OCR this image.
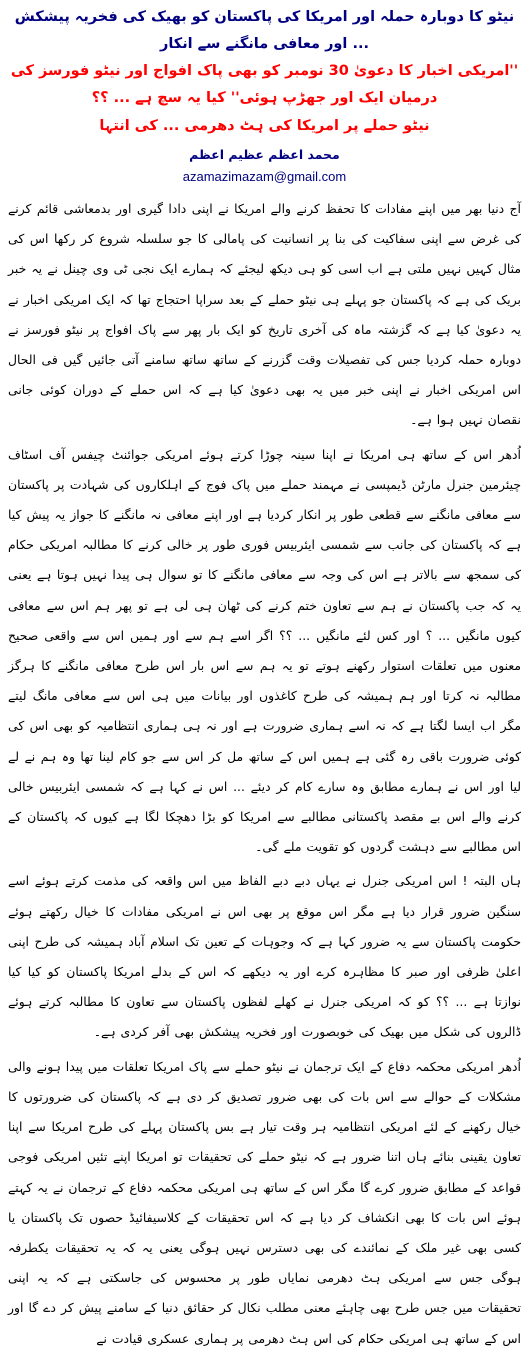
نیٹو کا دوبارہ حملہ اور امریکا کی پاکستان کو بھیک کی فخریہ پیشکش ... اور معافی مانگنے سے انکار

''امریکی اخبار کا دعویٰ 30 نومبر کو بھی پاک افواج اور نیٹو فورسز کی درمیان ایک اور جھڑپ ہوئی'' کیا یہ سچ ہے ... ؟؟

نیٹو حملے پر امریکا کی ہٹ دھرمی ... کی انتہا

محمد اعظم عظیم اعظم

azamazimazam@gmail.com

آج دنیا بھر میں اپنے مفادات کا تحفظ کرنے والے امریکا نے اپنی دادا گیری اور بدمعاشی قائم کرنے کی غرض سے اپنی سفاکیت کی بنا پر انسانیت کی پامالی کا جو سلسلہ شروع کر رکھا اس کی مثال کہیں نہیں ملتی ہے اب اسی کو ہی دیکھ لیجئے کہ ہمارے ایک نجی ٹی وی چینل نے یہ خبر بریک کی ہے کہ پاکستان جو پہلے ہی نیٹو حملے کے بعد سراپا احتجاج تھا کہ ایک امریکی اخبار نے یہ دعویٰ کیا ہے کہ گزشتہ ماہ کی آخری تاریخ کو ایک بار پھر سے پاک افواج پر نیٹو فورسز نے دوبارہ حملہ کردیا جس کی تفصیلات وقت گزرنے کے ساتھ ساتھ سامنے آتی جائیں گیں فی الحال اس امریکی اخبار نے اپنی خبر میں یہ بھی دعویٰ کیا ہے کہ اس حملے کے دوران کوئی جانی نقصان نہیں ہوا ہے۔

اُدھر اس کے ساتھ ہی امریکا نے اپنا سینہ چوڑا کرتے ہوئے امریکی جوائنٹ چیفس آف اسٹاف چیئرمین جنرل مارٹن ڈیمپسی نے مہمند حملے میں پاک فوج کے اہلکاروں کی شہادت پر پاکستان سے معافی مانگنے سے قطعی طور پر انکار کردیا ہے اور اپنے معافی نہ مانگنے کا جواز یہ پیش کیا ہے کہ پاکستان کی جانب سے شمسی ایئربیس فوری طور پر خالی کرنے کا مطالبہ امریکی حکام کی سمجھ سے بالاتر ہے اس کی وجہ سے معافی مانگنے کا تو سوال ہی پیدا نہیں ہوتا ہے یعنی یہ کہ جب پاکستان نے ہم سے تعاون ختم کرنے کی ٹھان ہی لی ہے تو پھر ہم اس سے معافی کیوں مانگیں ... ؟ اور کس لئے مانگیں ... ؟؟ اگر اسے ہم سے اور ہمیں اس سے واقعی صحیح معنوں میں تعلقات استوار رکھنے ہوتے تو یہ ہم سے اس بار اس طرح معافی مانگنے کا ہرگز مطالبہ نہ کرتا اور ہم ہمیشہ کی طرح کاغذوں اور بیانات میں ہی اس سے معافی مانگ لیتے مگر اب ایسا لگتا ہے کہ نہ اسے ہماری ضرورت ہے اور نہ ہی ہماری انتظامیہ کو بھی اس کی کوئی ضرورت باقی رہ گئی ہے ہمیں اس کے ساتھ مل کر اس سے جو کام لینا تھا وہ ہم نے لے لیا اور اس نے ہمارے مطابق وہ سارے کام کر دیئے ... اس نے کہا ہے کہ شمسی ایئربیس خالی کرنے والے اس بے مقصد پاکستانی مطالبے سے امریکا کو بڑا دھچکا لگا ہے کیوں کہ پاکستان کے اس مطالبے سے دہشت گردوں کو تقویت ملے گی۔

ہاں البتہ ! اس امریکی جنرل نے یہاں دبے دبے الفاظ میں اس واقعہ کی مذمت کرتے ہوئے اسے سنگین ضرور قرار دیا ہے مگر اس موقع پر بھی اس نے امریکی مفادات کا خیال رکھتے ہوئے حکومت پاکستان سے یہ ضرور کہا ہے کہ وجوہات کے تعین تک اسلام آباد ہمیشہ کی طرح اپنی اعلیٰ ظرفی اور صبر کا مظاہرہ کرے اور یہ دیکھے کہ اس کے بدلے امریکا پاکستان کو کیا کیا نوازتا ہے ... ؟؟ کو کہ امریکی جنرل نے کھلے لفظوں پاکستان سے تعاون کا مطالبہ کرتے ہوئے ڈالروں کی شکل میں بھیک کی خوبصورت اور فخریہ پیشکش بھی آفر کردی ہے۔

اُدھر امریکی محکمہ دفاع کے ایک ترجمان نے نیٹو حملے سے پاک امریکا تعلقات میں پیدا ہونے والی مشکلات کے حوالے سے اس بات کی بھی ضرور تصدیق کر دی ہے کہ پاکستان کی ضرورتوں کا خیال رکھنے کے لئے امریکی انتظامیہ ہر وقت تیار ہے بس پاکستان پہلے کی طرح امریکا سے اپنا تعاون یقینی بنائے ہاں اتنا ضرور ہے کہ نیٹو حملے کی تحقیقات تو امریکا اپنے تئیں امریکی فوجی قواعد کے مطابق ضرور کرے گا مگر اس کے ساتھ ہی امریکی محکمہ دفاع کے ترجمان نے یہ کہتے ہوئے اس بات کا بھی انکشاف کر دیا ہے کہ اس تحقیقات کے کلاسیفائیڈ حصوں تک پاکستان یا کسی بھی غیر ملک کے نمائندے کی بھی دسترس نہیں ہوگی یعنی یہ کہ یہ تحقیقات یکطرفہ ہوگی جس سے امریکی ہٹ دھرمی نمایاں طور پر محسوس کی جاسکتی ہے کہ یہ اپنی تحقیقات میں جس طرح بھی چاہئے معنی مطلب نکال کر حقائق دنیا کے سامنے پیش کر دے گا اور اس کے ساتھ ہی امریکی حکام کی اس ہٹ دھرمی پر ہماری عسکری قیادت نے
